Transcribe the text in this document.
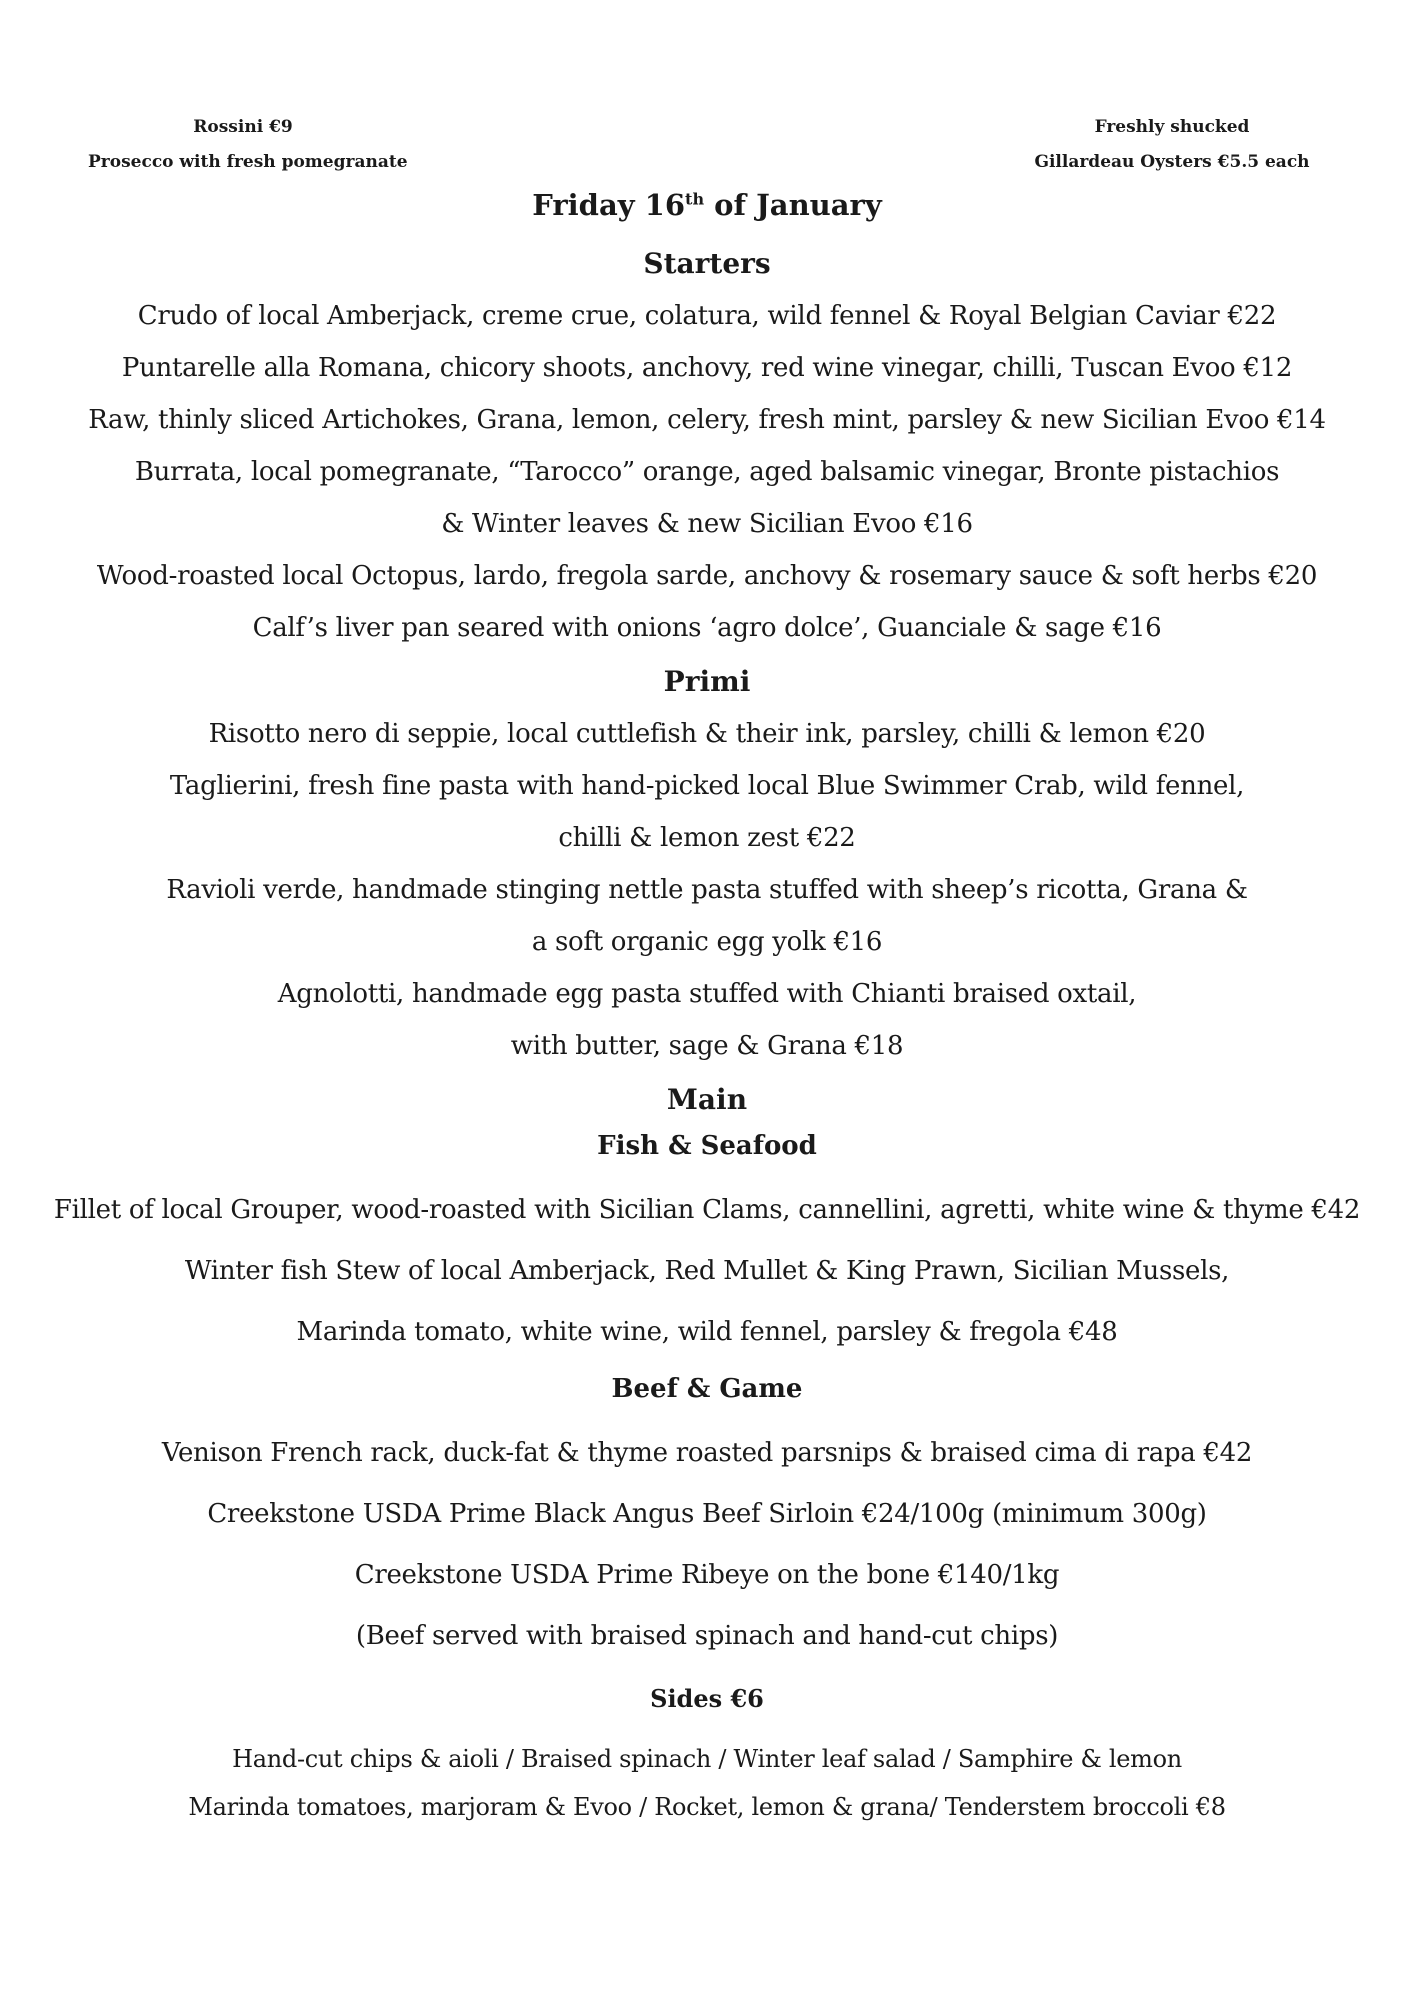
Rossini €9
Prosecco with fresh pomegranate
Freshly shucked
Gillardeau Oysters €5.5 each
Friday 16th of January
Starters
Crudo of local Amberjack, creme crue, colatura, wild fennel & Royal Belgian Caviar €22
Puntarelle alla Romana, chicory shoots, anchovy, red wine vinegar, chilli, Tuscan Evoo €12
Raw, thinly sliced Artichokes, Grana, lemon, celery, fresh mint, parsley & new Sicilian Evoo €14
Burrata, local pomegranate, “Tarocco” orange, aged balsamic vinegar, Bronte pistachios
& Winter leaves & new Sicilian Evoo €16
Wood-roasted local Octopus, lardo, fregola sarde, anchovy & rosemary sauce & soft herbs €20
Calf’s liver pan seared with onions ‘agro dolce’, Guanciale & sage €16
Primi
Risotto nero di seppie, local cuttlefish & their ink, parsley, chilli & lemon €20
Taglierini, fresh fine pasta with hand-picked local Blue Swimmer Crab, wild fennel,
chilli & lemon zest €22
Ravioli verde, handmade stinging nettle pasta stuffed with sheep’s ricotta, Grana &
a soft organic egg yolk €16
Agnolotti, handmade egg pasta stuffed with Chianti braised oxtail,
with butter, sage & Grana €18
Main
Fish & Seafood
Fillet of local Grouper, wood-roasted with Sicilian Clams, cannellini, agretti, white wine & thyme €42
Winter fish Stew of local Amberjack, Red Mullet & King Prawn, Sicilian Mussels,
Marinda tomato, white wine, wild fennel, parsley & fregola €48
Beef & Game
Venison French rack, duck-fat & thyme roasted parsnips & braised cima di rapa €42
Creekstone USDA Prime Black Angus Beef Sirloin €24/100g (minimum 300g)
Creekstone USDA Prime Ribeye on the bone €140/1kg
(Beef served with braised spinach and hand-cut chips)
Sides €6
Hand-cut chips & aioli / Braised spinach / Winter leaf salad / Samphire & lemon
Marinda tomatoes, marjoram & Evoo / Rocket, lemon & grana/ Tenderstem broccoli €8
